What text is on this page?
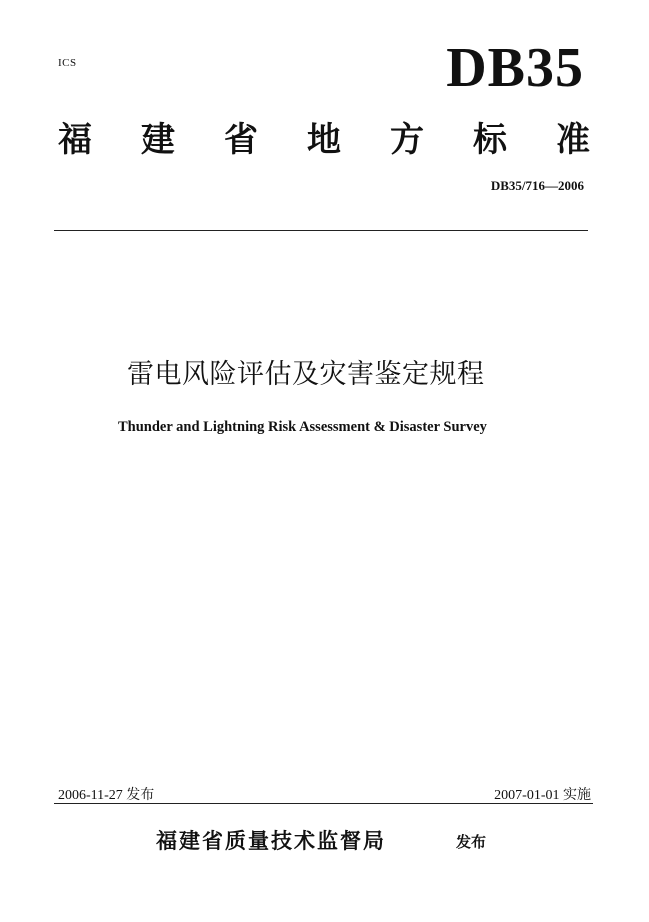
ICS	DB35
福 建 省 地 方 标 准
DB35/716—2006
雷电风险评估及灾害鉴定规程
Thunder and Lightning Risk Assessment & Disaster Survey
2006-11-27 发布	2007-01-01 实施
福建省质量技术监督局	发布
